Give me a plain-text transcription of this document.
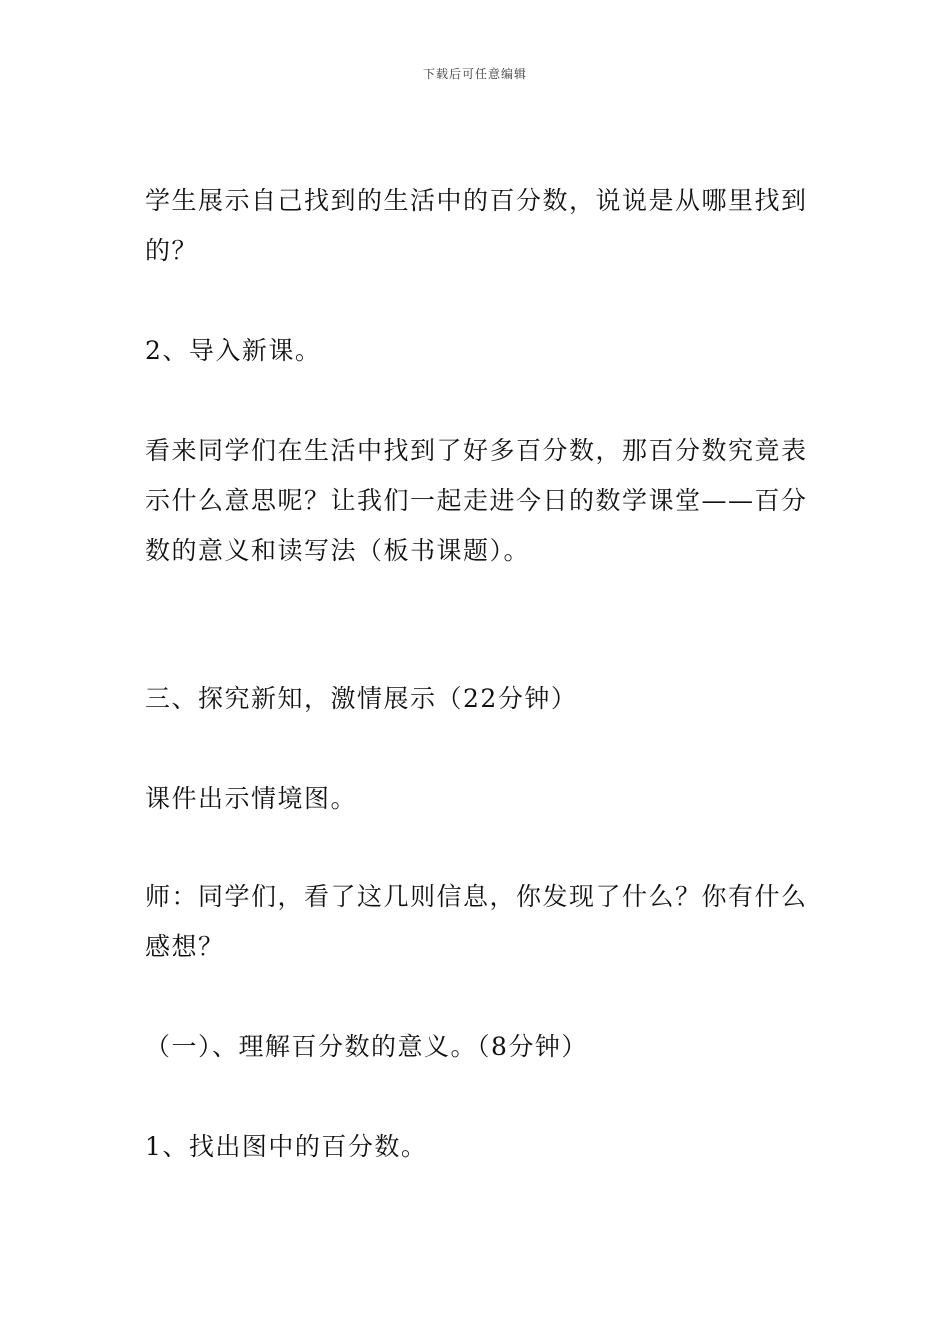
下载后可任意编辑

学生展示自己找到的生活中的百分数，说说是从哪里找到的？

2、导入新课。

看来同学们在生活中找到了好多百分数，那百分数究竟表示什么意思呢？让我们一起走进今日的数学课堂——百分数的意义和读写法（板书课题）。

三、探究新知，激情展示（22分钟）

课件出示情境图。

师：同学们，看了这几则信息，你发现了什么？你有什么感想？

（一）、理解百分数的意义。（8分钟）

1、找出图中的百分数。
